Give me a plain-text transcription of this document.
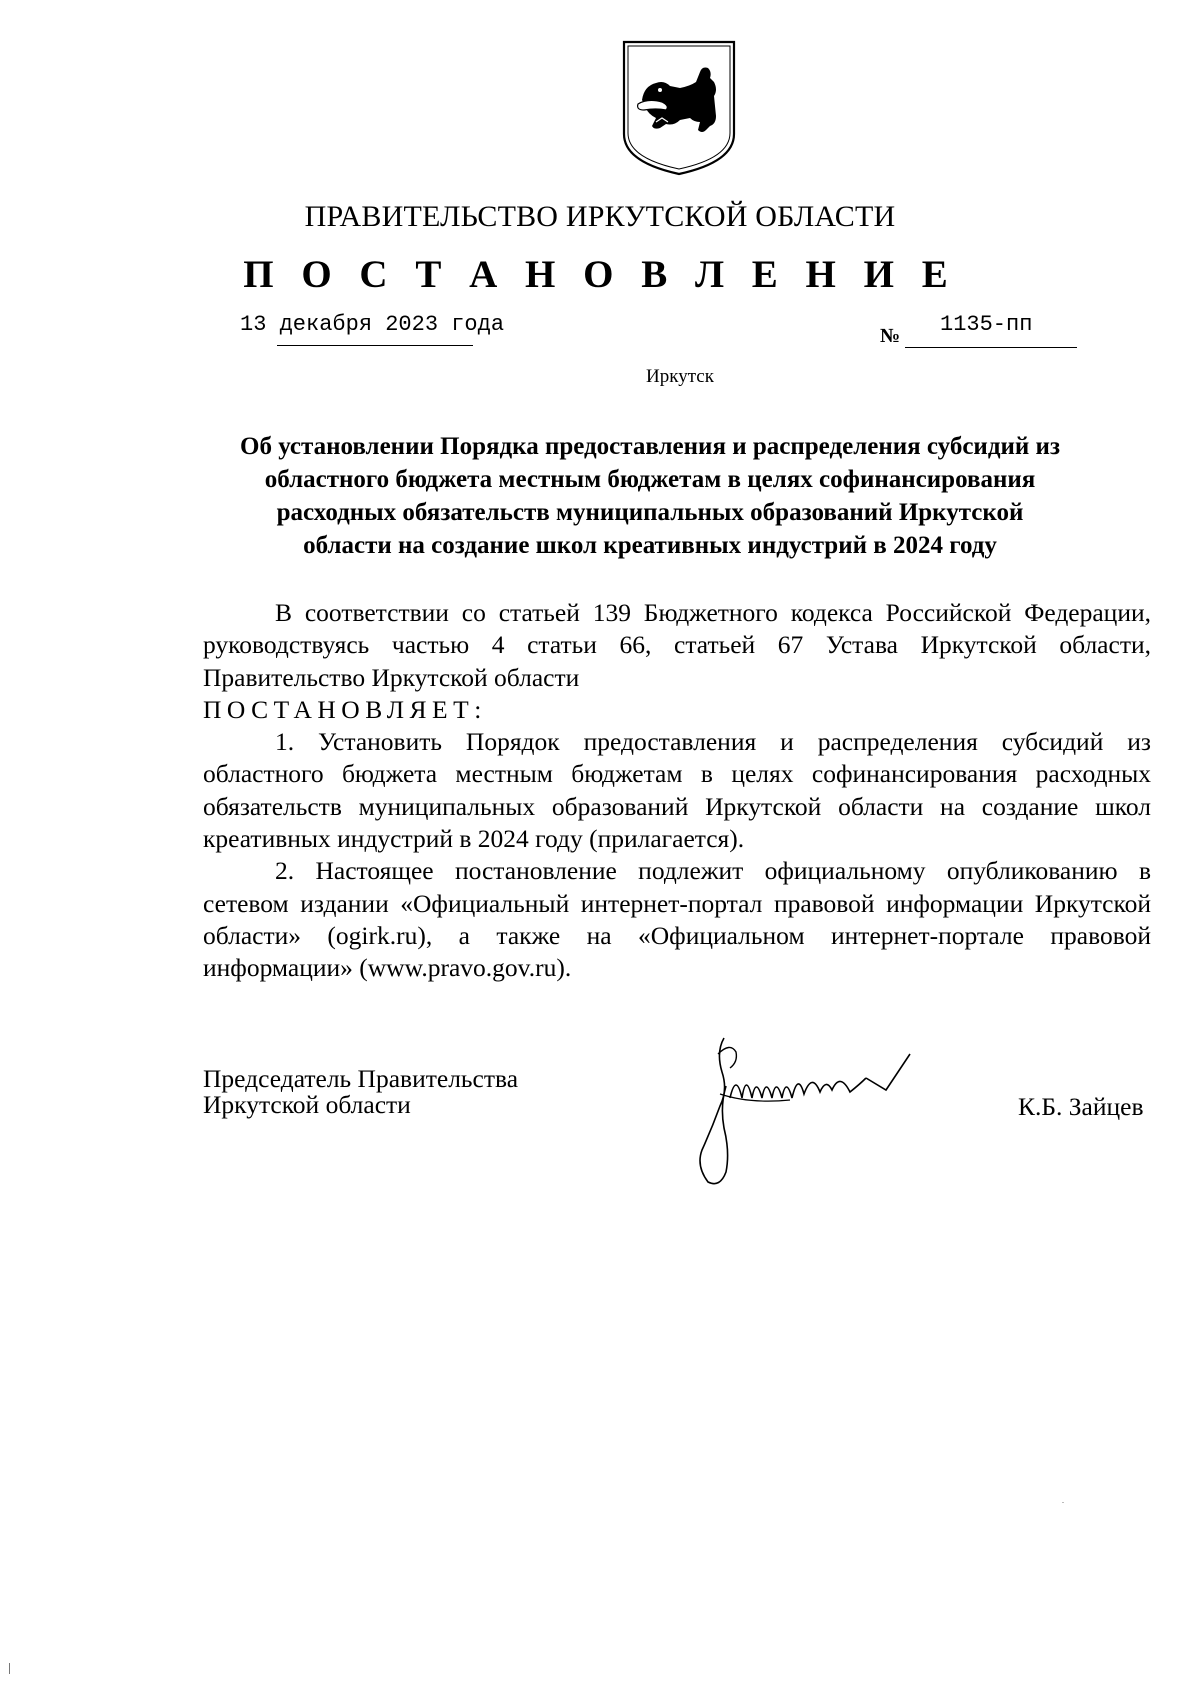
ПРАВИТЕЛЬСТВО ИРКУТСКОЙ ОБЛАСТИ
П О С Т А Н О В Л Е Н И Е
13 декабря 2023 года	№ 1135-пп
Иркутск
Об установлении Порядка предоставления и распределения субсидий из
областного бюджета местным бюджетам в целях софинансирования
расходных обязательств муниципальных образований Иркутской
области на создание школ креативных индустрий в 2024 году

В соответствии со статьей 139 Бюджетного кодекса Российской Федерации, руководствуясь частью 4 статьи 66, статьей 67 Устава Иркутской области, Правительство Иркутской области

ПОСТАНОВЛЯЕТ:

1. Установить Порядок предоставления и распределения субсидий из областного бюджета местным бюджетам в целях софинансирования расходных обязательств муниципальных образований Иркутской области на создание школ креативных индустрий в 2024 году (прилагается).

2. Настоящее постановление подлежит официальному опубликованию в сетевом издании «Официальный интернет-портал правовой информации Иркутской области» (ogirk.ru), а также на «Официальном интернет-портале правовой информации» (www.pravo.gov.ru).

Председатель Правительства
Иркутской области	К.Б. Зайцев
